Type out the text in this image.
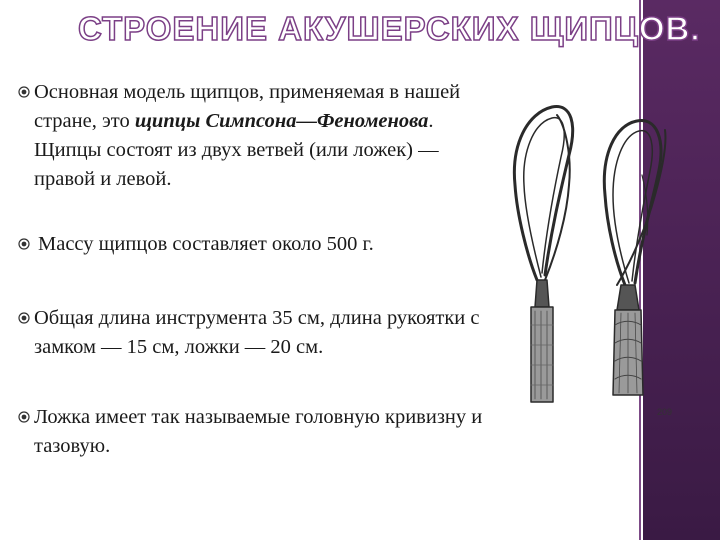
СТРОЕНИЕ АКУШЕРСКИХ ЩИПЦОВ.
Основная модель щипцов, применяемая в нашей стране, это щипцы Симпсона—Феноменова. Щипцы состоят из двух ветвей (или ложек) — правой и левой.
Массу щипцов составляет около 500 г.
Общая длина инструмента 35 см, длина рукоятки с замком — 15 см, ложки — 20 см.
Ложка имеет так называемые головную кривизну и тазовую.
209
